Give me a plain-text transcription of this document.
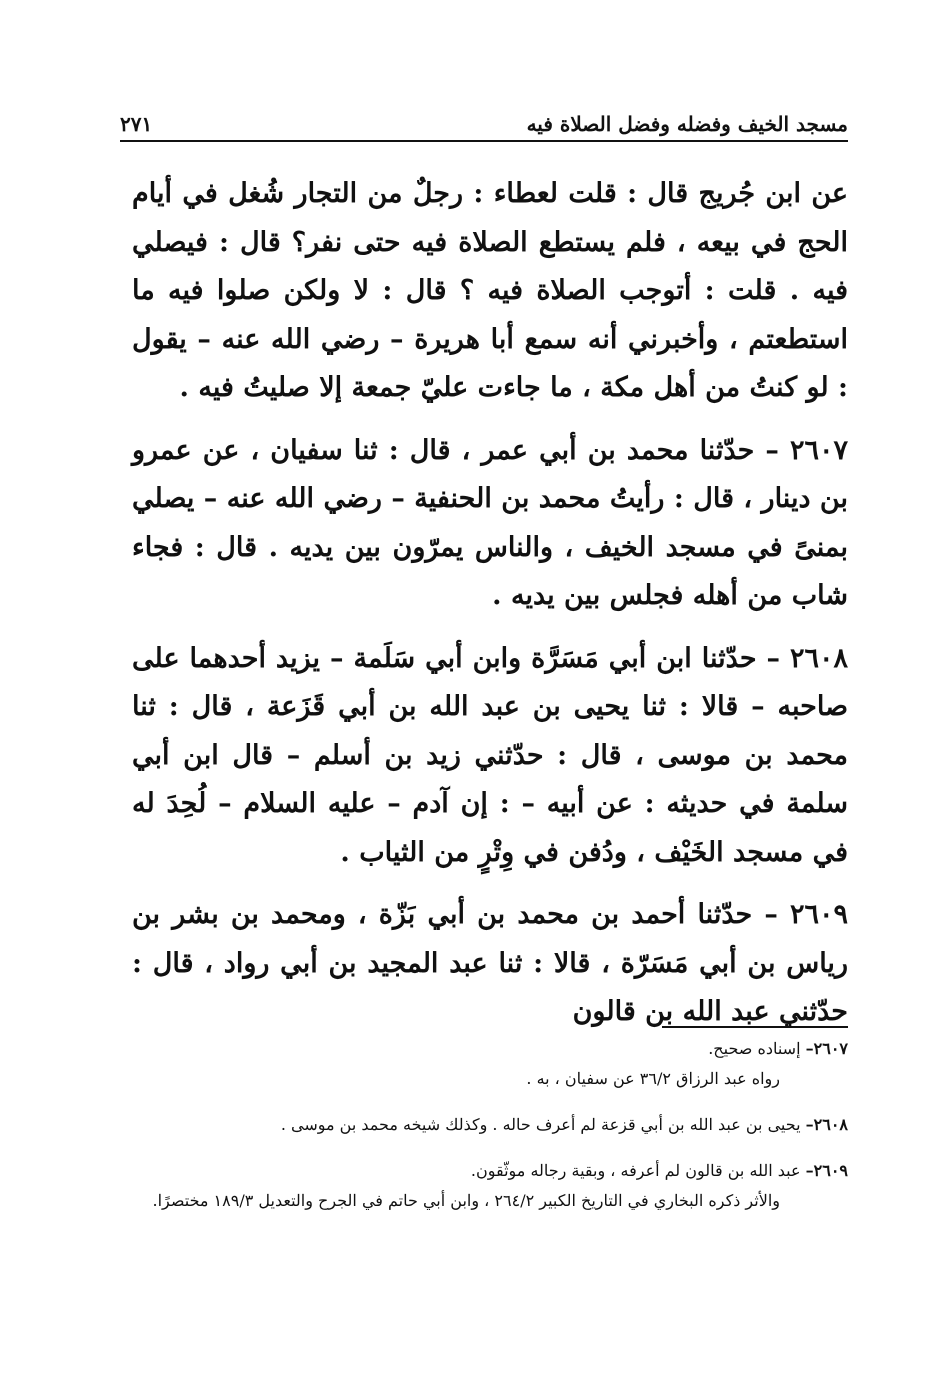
مسجد الخيف وفضله وفضل الصلاة فيه
٢٧١

عن ابن جُريج قال : قلت لعطاء : رجلٌ من التجار شُغل في أيام الحج في بيعه ، فلم يستطع الصلاة فيه حتى نفر؟ قال : فيصلي فيه . قلت : أتوجب الصلاة فيه ؟ قال : لا ولكن صلوا فيه ما استطعتم ، وأخبرني أنه سمع أبا هريرة – رضي الله عنه – يقول : لو كنتُ من أهل مكة ، ما جاءت عليّ جمعة إلا صليتُ فيه .

٢٦٠٧ – حدّثنا محمد بن أبي عمر ، قال : ثنا سفيان ، عن عمرو بن دينار ، قال : رأيتُ محمد بن الحنفية – رضي الله عنه – يصلي بمنىً في مسجد الخيف ، والناس يمرّون بين يديه . قال : فجاء شاب من أهله فجلس بين يديه .

٢٦٠٨ – حدّثنا ابن أبي مَسَرَّة وابن أبي سَلَمة – يزيد أحدهما على صاحبه – قالا : ثنا يحيى بن عبد الله بن أبي قَزَعة ، قال : ثنا محمد بن موسى ، قال : حدّثني زيد بن أسلم – قال ابن أبي سلمة في حديثه : عن أبيه – : إن آدم – عليه السلام – لُحِدَ له في مسجد الخَيْف ، ودُفن في وِتْرٍ من الثياب .

٢٦٠٩ – حدّثنا أحمد بن محمد بن أبي بَزّة ، ومحمد بن بشر بن رياس بن أبي مَسَرّة ، قالا : ثنا عبد المجيد بن أبي رواد ، قال : حدّثني عبد الله بن قالون

٢٦٠٧– إسناده صحيح.
رواه عبد الرزاق ٣٦/٢ عن سفيان ، به .
٢٦٠٨– يحيى بن عبد الله بن أبي قزعة لم أعرف حاله . وكذلك شيخه محمد بن موسى .
٢٦٠٩– عبد الله بن قالون لم أعرفه ، وبقية رجاله موثّقون.
والأثر ذكره البخاري في التاريخ الكبير ٢٦٤/٢ ، وابن أبي حاتم في الجرح والتعديل ١٨٩/٣ مختصرًا.
